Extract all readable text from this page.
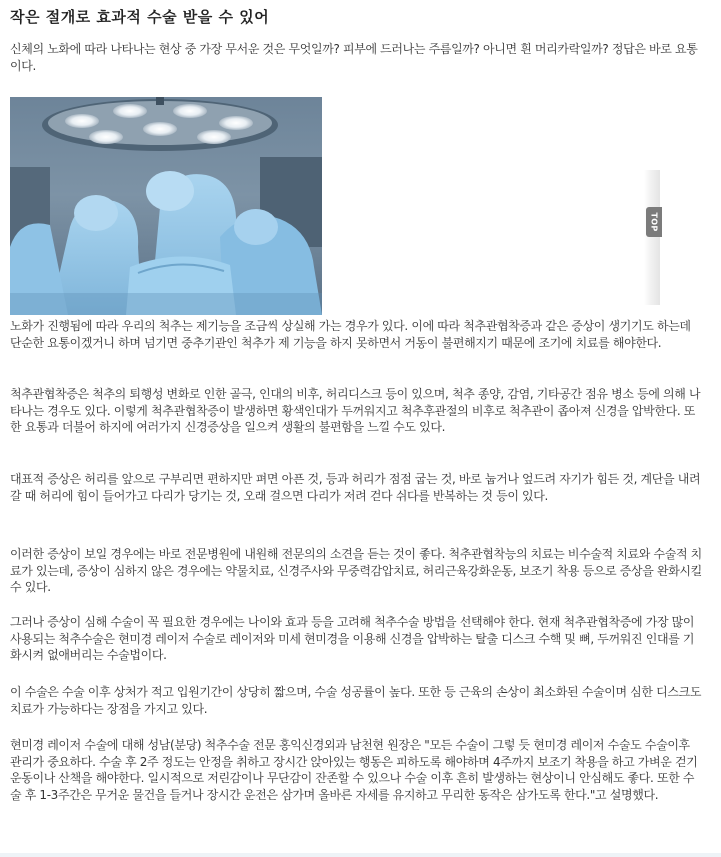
작은 절개로 효과적 수술 받을 수 있어

신체의 노화에 따라 나타나는 현상 중 가장 무서운 것은 무엇일까? 피부에 드러나는 주름일까? 아니면 흰 머리카락일까? 정답은 바로 요통이다.

노화가 진행됨에 따라 우리의 척추는 제기능을 조금씩 상실해 가는 경우가 있다. 이에 따라 척추관협착증과 같은 증상이 생기기도 하는데 단순한 요통이겠거니 하며 넘기면 중추기관인 척추가 제 기능을 하지 못하면서 거동이 불편해지기 때문에 조기에 치료를 해야한다.

척추관협착증은 척추의 퇴행성 변화로 인한 골극, 인대의 비후, 허리디스크 등이 있으며, 척추 종양, 감염, 기타공간 점유 병소 등에 의해 나타나는 경우도 있다. 이렇게 척추관협착증이 발생하면 황색인대가 두꺼워지고 척추후관절의 비후로 척추관이 좁아져 신경을 압박한다. 또한 요통과 더불어 하지에 여러가지 신경증상을 일으켜 생활의 불편함을 느낄 수도 있다.

대표적 증상은 허리를 앞으로 구부리면 편하지만 펴면 아픈 것, 등과 허리가 점점 굽는 것, 바로 눕거나 엎드려 자기가 힘든 것, 계단을 내려갈 때 허리에 힘이 들어가고 다리가 당기는 것, 오래 걸으면 다리가 저려 걷다 쉬다를 반복하는 것 등이 있다.

이러한 증상이 보일 경우에는 바로 전문병원에 내원해 전문의의 소견을 듣는 것이 좋다. 척추관협착능의 치료는 비수술적 치료와 수술적 치료가 있는데, 증상이 심하지 않은 경우에는 약물치료, 신경주사와 무중력감압치료, 허리근육강화운동, 보조기 착용 등으로 증상을 완화시킬 수 있다.

그러나 증상이 심해 수술이 꼭 필요한 경우에는 나이와 효과 등을 고려해 척추수술 방법을 선택해야 한다. 현재 척추관협착증에 가장 많이 사용되는 척추수술은 현미경 레이저 수술로 레이저와 미세 현미경을 이용해 신경을 압박하는 탈출 디스크 수핵 및 뼈, 두꺼워진 인대를 기화시켜 없애버리는 수술법이다.

이 수술은 수술 이후 상처가 적고 입원기간이 상당히 짧으며, 수술 성공률이 높다. 또한 등 근육의 손상이 최소화된 수술이며 심한 디스크도 치료가 가능하다는 장점을 가지고 있다.

현미경 레이저 수술에 대해 성남(분당) 척추수술 전문 홍익신경외과 남천현 원장은 "모든 수술이 그렇 듯 현미경 레이저 수술도 수술이후 관리가 중요하다. 수술 후 2주 정도는 안정을 취하고 장시간 앉아있는 행동은 피하도록 해야하며 4주까지 보조기 착용을 하고 가벼운 걷기운동이나 산책을 해야한다. 일시적으로 저린감이나 무단감이 잔존할 수 있으나 수술 이후 흔히 발생하는 현상이니 안심해도 좋다. 또한 수술 후 1-3주간은 무거운 물건을 들거나 장시간 운전은 삼가며 올바른 자세를 유지하고 무리한 동작은 삼가도록 한다."고 설명했다.

TOP
